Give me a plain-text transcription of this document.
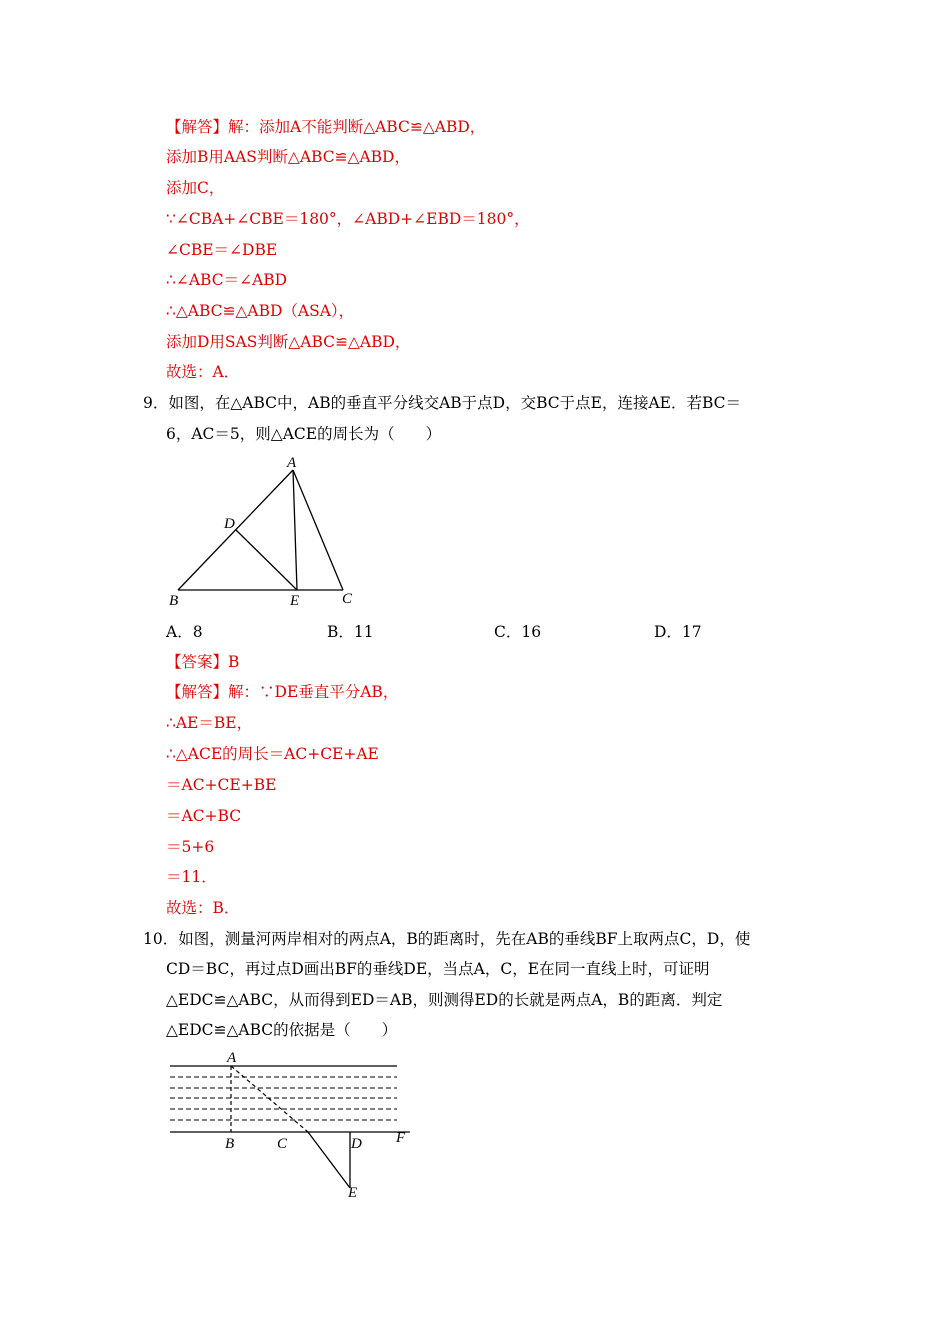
【解答】解：添加A不能判断△ABC≌△ABD，
添加B用AAS判断△ABC≌△ABD，
添加C，
∵∠CBA+∠CBE＝180°，∠ABD+∠EBD＝180°，
∠CBE＝∠DBE
∴∠ABC＝∠ABD
∴△ABC≌△ABD（ASA），
添加D用SAS判断△ABC≌△ABD，
故选：A．
9．如图，在△ABC中，AB的垂直平分线交AB于点D，交BC于点E，连接AE．若BC＝
6，AC＝5，则△ACE的周长为（　　）
A
D
B	E	C
A．8	B．11	C．16	D．17
【答案】B
【解答】解：∵DE垂直平分AB，
∴AE＝BE，
∴△ACE的周长＝AC+CE+AE
＝AC+CE+BE
＝AC+BC
＝5+6
＝11．
故选：B．
10．如图，测量河两岸相对的两点A，B的距离时，先在AB的垂线BF上取两点C，D，使
CD＝BC，再过点D画出BF的垂线DE，当点A，C，E在同一直线上时，可证明
△EDC≌△ABC，从而得到ED＝AB，则测得ED的长就是两点A，B的距离．判定
△EDC≌△ABC的依据是（　　）
A
B	C	D F
E
